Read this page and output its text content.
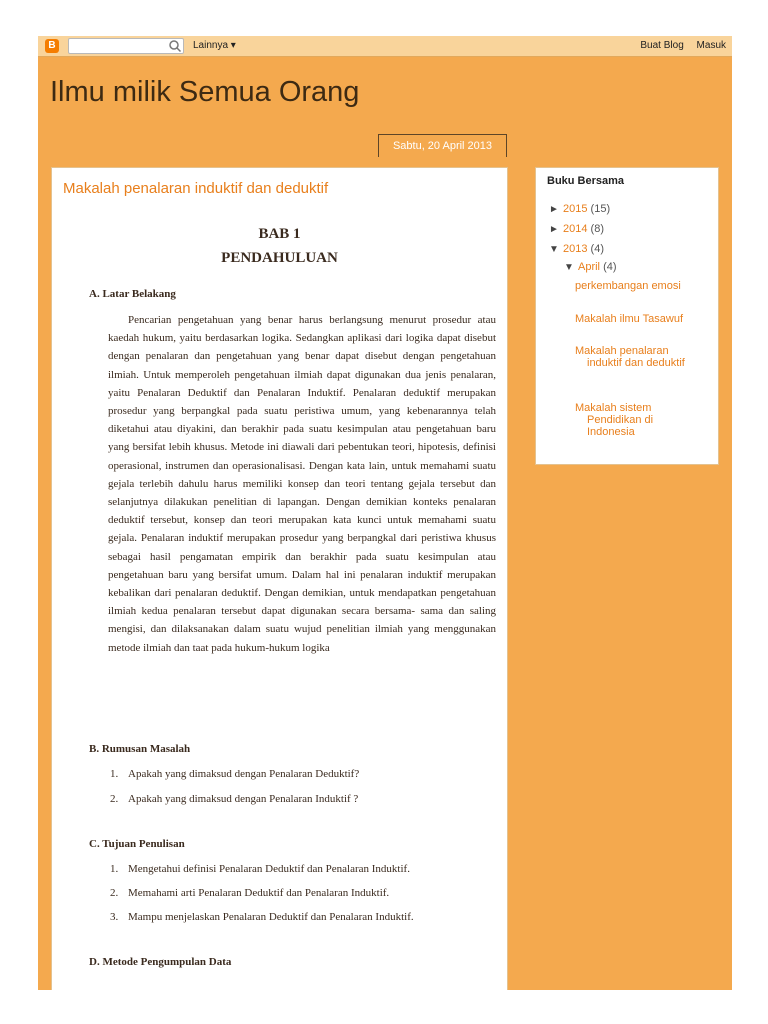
B	Lainnya ▾	Buat Blog Masuk
Ilmu milik Semua Orang
Sabtu, 20 April 2013
Makalah penalaran induktif dan deduktif
BAB 1
PENDAHULUAN
A. Latar Belakang
Pencarian pengetahuan yang benar harus berlangsung menurut prosedur atau kaedah hukum, yaitu berdasarkan logika. Sedangkan aplikasi dari logika dapat disebut dengan penalaran dan pengetahuan yang benar dapat disebut dengan pengetahuan ilmiah. Untuk memperoleh pengetahuan ilmiah dapat digunakan dua jenis penalaran, yaitu Penalaran Deduktif dan Penalaran Induktif. Penalaran deduktif merupakan prosedur yang berpangkal pada suatu peristiwa umum, yang kebenarannya telah diketahui atau diyakini, dan berakhir pada suatu kesimpulan atau pengetahuan baru yang bersifat lebih khusus. Metode ini diawali dari pebentukan teori, hipotesis, definisi operasional, instrumen dan operasionalisasi. Dengan kata lain, untuk memahami suatu gejala terlebih dahulu harus memiliki konsep dan teori tentang gejala tersebut dan selanjutnya dilakukan penelitian di lapangan. Dengan demikian konteks penalaran deduktif tersebut, konsep dan teori merupakan kata kunci untuk memahami suatu gejala. Penalaran induktif merupakan prosedur yang berpangkal dari peristiwa khusus sebagai hasil pengamatan empirik dan berakhir pada suatu kesimpulan atau pengetahuan baru yang bersifat umum. Dalam hal ini penalaran induktif merupakan kebalikan dari penalaran deduktif. Dengan demikian, untuk mendapatkan pengetahuan ilmiah kedua penalaran tersebut dapat digunakan secara bersama- sama dan saling mengisi, dan dilaksanakan dalam suatu wujud penelitian ilmiah yang menggunakan metode ilmiah dan taat pada hukum-hukum logika
B. Rumusan Masalah
1. Apakah yang dimaksud dengan Penalaran Deduktif?
2. Apakah yang dimaksud dengan Penalaran Induktif ?
C. Tujuan Penulisan
1. Mengetahui definisi Penalaran Deduktif dan Penalaran Induktif.
2. Memahami arti Penalaran Deduktif dan Penalaran Induktif.
3. Mampu menjelaskan Penalaran Deduktif dan Penalaran Induktif.
D. Metode Pengumpulan Data
Buku Bersama
► 2015 (15)
► 2014 (8)
▼ 2013 (4)
▼ April (4)
perkembangan emosi
Makalah ilmu Tasawuf
Makalah penalaran induktif dan deduktif
Makalah sistem Pendidikan di Indonesia
